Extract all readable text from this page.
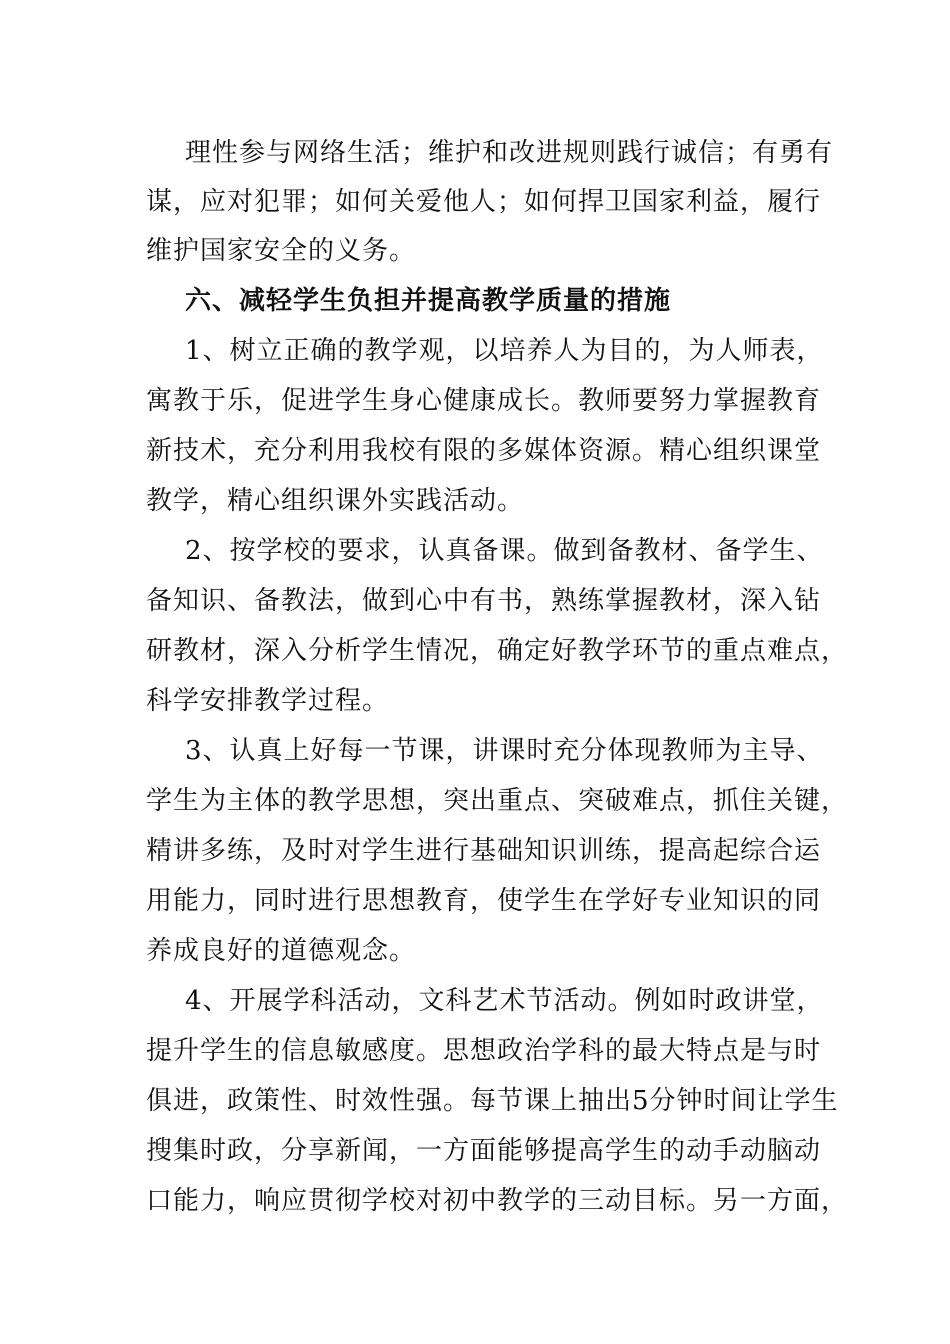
理性参与网络生活；维护和改进规则践行诚信；有勇有
谋，应对犯罪；如何关爱他人；如何捍卫国家利益，履行
维护国家安全的义务。
六、减轻学生负担并提高教学质量的措施
1、树立正确的教学观，以培养人为目的，为人师表，
寓教于乐，促进学生身心健康成长。教师要努力掌握教育
新技术，充分利用我校有限的多媒体资源。精心组织课堂
教学，精心组织课外实践活动。
2、按学校的要求，认真备课。做到备教材、备学生、
备知识、备教法，做到心中有书，熟练掌握教材，深入钻
研教材，深入分析学生情况，确定好教学环节的重点难点，
科学安排教学过程。
3、认真上好每一节课，讲课时充分体现教师为主导、
学生为主体的教学思想，突出重点、突破难点，抓住关键，
精讲多练，及时对学生进行基础知识训练，提高起综合运
用能力，同时进行思想教育，使学生在学好专业知识的同
养成良好的道德观念。
4、开展学科活动，文科艺术节活动。例如时政讲堂，
提升学生的信息敏感度。思想政治学科的最大特点是与时
俱进，政策性、时效性强。每节课上抽出5分钟时间让学生
搜集时政，分享新闻，一方面能够提高学生的动手动脑动
口能力，响应贯彻学校对初中教学的三动目标。另一方面，
